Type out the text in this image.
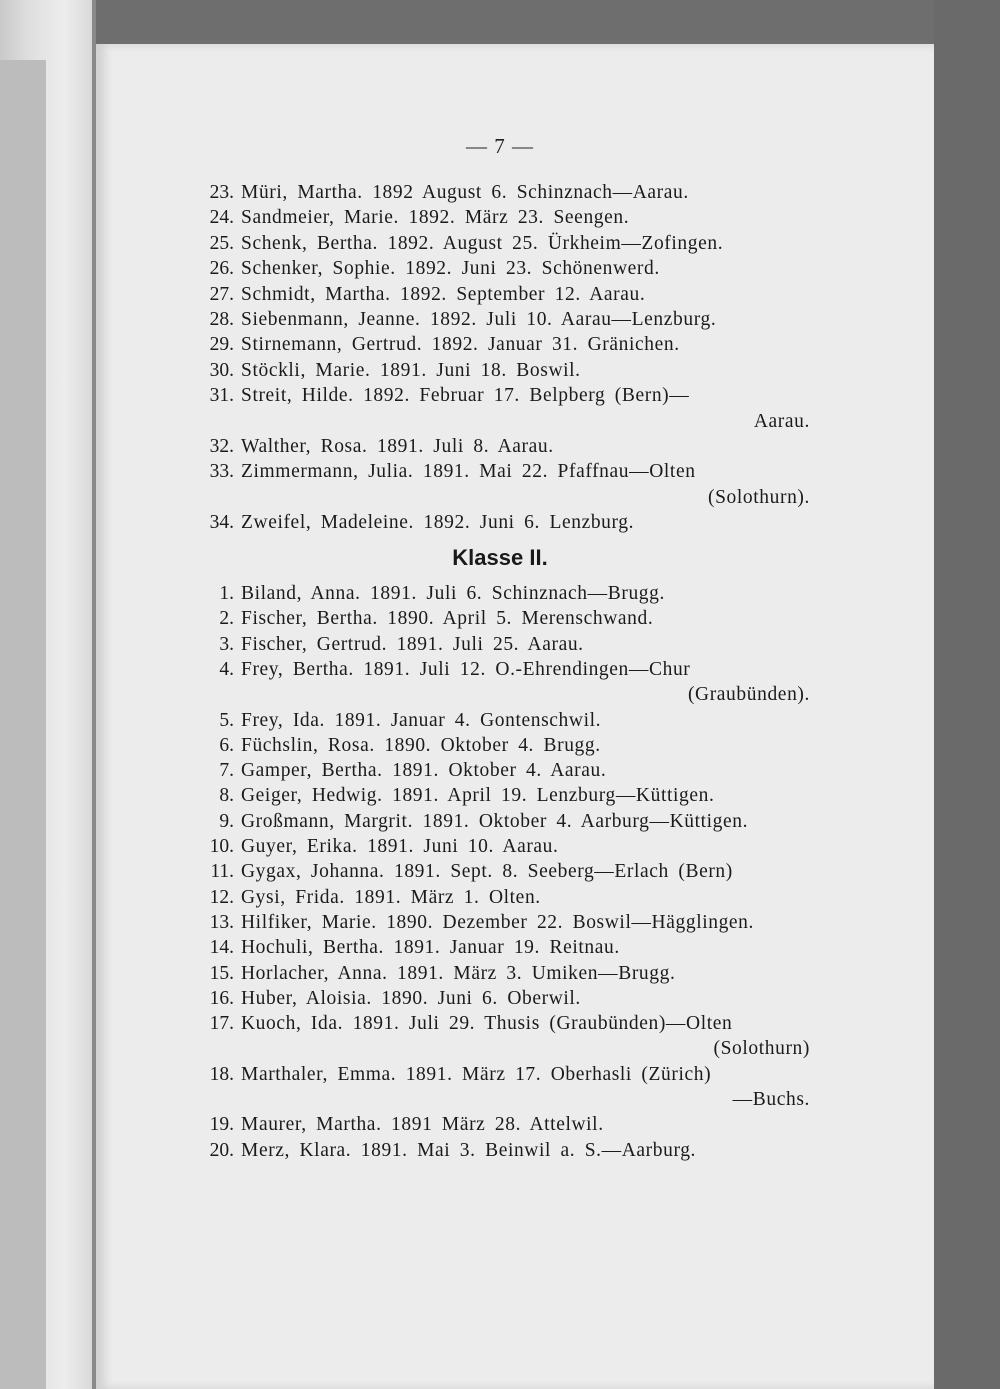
— 7 —
23. Müri, Martha. 1892 August 6. Schinznach—Aarau.
24. Sandmeier, Marie. 1892. März 23. Seengen.
25. Schenk, Bertha. 1892. August 25. Ürkheim—Zofingen.
26. Schenker, Sophie. 1892. Juni 23. Schönenwerd.
27. Schmidt, Martha. 1892. September 12. Aarau.
28. Siebenmann, Jeanne. 1892. Juli 10. Aarau—Lenzburg.
29. Stirnemann, Gertrud. 1892. Januar 31. Gränichen.
30. Stöckli, Marie. 1891. Juni 18. Boswil.
31. Streit, Hilde. 1892. Februar 17. Belpberg (Bern)—
Aarau.
32. Walther, Rosa. 1891. Juli 8. Aarau.
33. Zimmermann, Julia. 1891. Mai 22. Pfaffnau—Olten
(Solothurn).
34. Zweifel, Madeleine. 1892. Juni 6. Lenzburg.
Klasse II.
1. Biland, Anna. 1891. Juli 6. Schinznach—Brugg.
2. Fischer, Bertha. 1890. April 5. Merenschwand.
3. Fischer, Gertrud. 1891. Juli 25. Aarau.
4. Frey, Bertha. 1891. Juli 12. O.-Ehrendingen—Chur
(Graubünden).
5. Frey, Ida. 1891. Januar 4. Gontenschwil.
6. Füchslin, Rosa. 1890. Oktober 4. Brugg.
7. Gamper, Bertha. 1891. Oktober 4. Aarau.
8. Geiger, Hedwig. 1891. April 19. Lenzburg—Küttigen.
9. Großmann, Margrit. 1891. Oktober 4. Aarburg—Küttigen.
10. Guyer, Erika. 1891. Juni 10. Aarau.
11. Gygax, Johanna. 1891. Sept. 8. Seeberg—Erlach (Bern)
12. Gysi, Frida. 1891. März 1. Olten.
13. Hilfiker, Marie. 1890. Dezember 22. Boswil—Hägglingen.
14. Hochuli, Bertha. 1891. Januar 19. Reitnau.
15. Horlacher, Anna. 1891. März 3. Umiken—Brugg.
16. Huber, Aloisia. 1890. Juni 6. Oberwil.
17. Kuoch, Ida. 1891. Juli 29. Thusis (Graubünden)—Olten
(Solothurn)
18. Marthaler, Emma. 1891. März 17. Oberhasli (Zürich)
—Buchs.
19. Maurer, Martha. 1891 März 28. Attelwil.
20. Merz, Klara. 1891. Mai 3. Beinwil a. S.—Aarburg.
